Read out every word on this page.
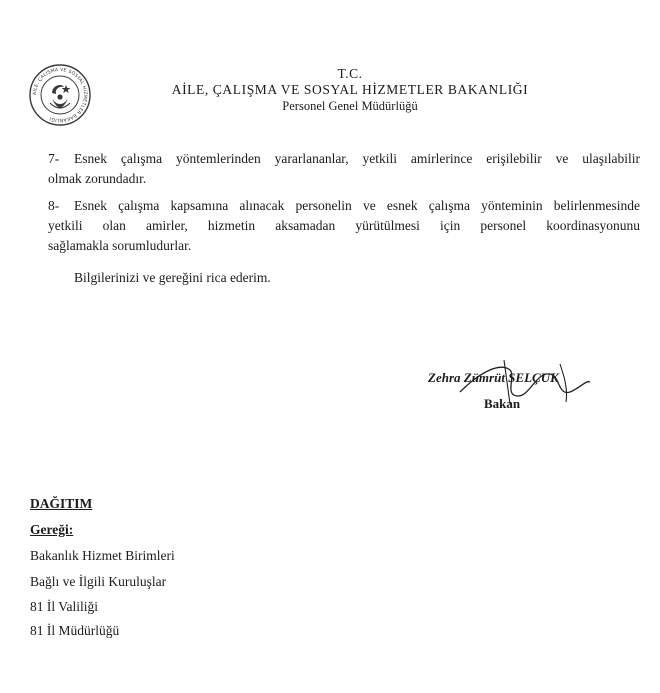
AİLE, ÇALIŞMA VE SOSYAL HİZMETLER BAKANLIĞI
T.C.
AİLE, ÇALIŞMA VE SOSYAL HİZMETLER BAKANLIĞI
Personel Genel Müdürlüğü
7- Esnek çalışma yöntemlerinden yararlananlar, yetkili amirlerince erişilebilir ve ulaşılabilir
olmak zorundadır.
8- Esnek çalışma kapsamına alınacak personelin ve esnek çalışma yönteminin belirlenmesinde
yetkili olan amirler, hizmetin aksamadan yürütülmesi için personel koordinasyonunu
sağlamakla sorumludurlar.
Bilgilerinizi ve gereğini rica ederim.
Zehra Zümrüt SELÇUK
Bakan
DAĞITIM
Gereği:
Bakanlık Hizmet Birimleri
Bağlı ve İlgili Kuruluşlar
81 İl Valiliği
81 İl Müdürlüğü
